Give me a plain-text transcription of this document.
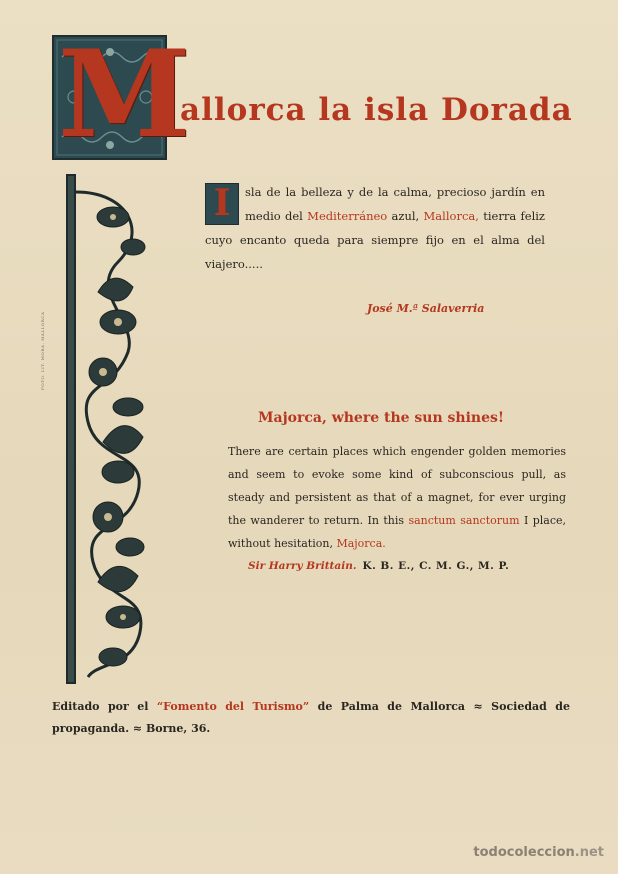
M
allorca la isla Dorada
FOTO. LIT. MORA. MALLORCA
I	sla de la belleza y de la calma, precioso jardín en medio del Mediterráneo azul, Mallorca, tierra feliz cuyo encanto queda para siempre fijo en el alma del viajero.....
José M.ª Salaverria
Majorca, where the sun shines!
There are certain places which engender golden memories and seem to evoke some kind of subconscious pull, as steady and persistent as that of a magnet, for ever urging the wanderer to return. In this sanctum sanctorum I place, without hesitation, Majorca.
Sir Harry Brittain. K. B. E., C. M. G., M. P.
Editado por el “Fomento del Turismo” de Palma de Mallorca ≈ Sociedad de propaganda. ≈ Borne, 36.
todocoleccion.net
